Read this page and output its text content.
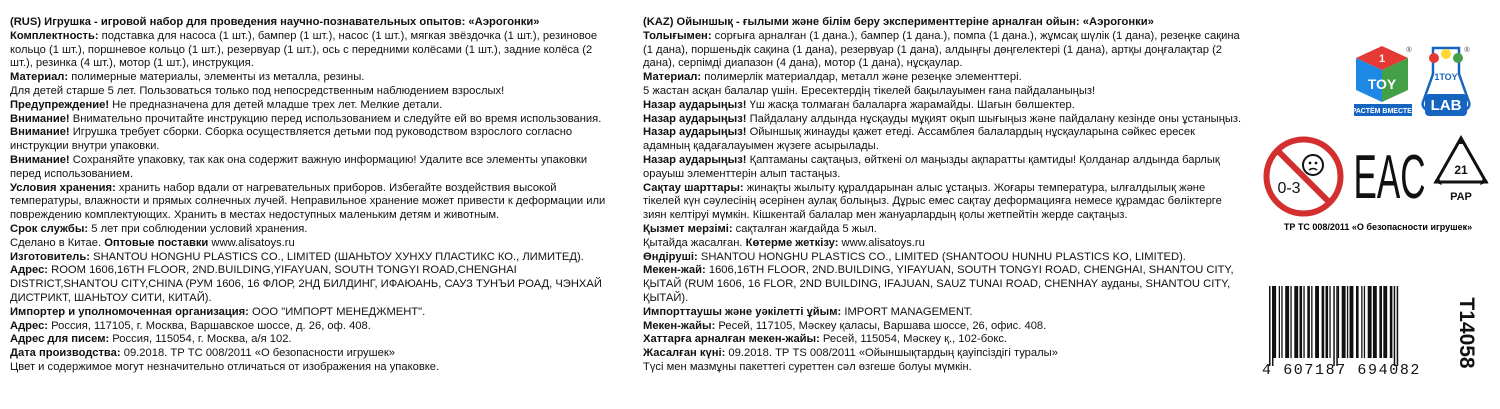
(RUS) Игрушка - игровой набор для проведения научно-познавательных опытов: «Аэрогонки»

Комплектность: подставка для насоса (1 шт.), бампер (1 шт.), насос (1 шт.), мягкая звёздочка (1 шт.), резиновое кольцо (1 шт.), поршневое кольцо (1 шт.), резервуар (1 шт.), ось с передними колёсами (1 шт.), задние колёса (2 шт.), резинка (4 шт.), мотор (1 шт.), инструкция.

Материал: полимерные материалы, элементы из металла, резины.

Для детей старше 5 лет. Пользоваться только под непосредственным наблюдением взрослых!

Предупреждение! Не предназначена для детей младше трех лет. Мелкие детали.

Внимание! Внимательно прочитайте инструкцию перед использованием и следуйте ей во время использования.

Внимание! Игрушка требует сборки. Сборка осуществляется детьми под руководством взрослого согласно инструкции внутри упаковки.

Внимание! Сохраняйте упаковку, так как она содержит важную информацию! Удалите все элементы упаковки перед использованием.

Условия хранения: хранить набор вдали от нагревательных приборов. Избегайте воздействия высокой температуры, влажности и прямых солнечных лучей. Неправильное хранение может привести к деформации или повреждению комплектующих. Хранить в местах недоступных маленьким детям и животным.

Срок службы: 5 лет при соблюдении условий хранения.

Сделано в Китае. Оптовые поставки www.alisatoys.ru

Изготовитель: SHANTOU HONGHU PLASTICS CO., LIMITED (ШАНЬТОУ ХУНХУ ПЛАСТИКС КО., ЛИМИТЕД).

Адрес: ROOM 1606,16TH FLOOR, 2ND.BUILDING,YIFAYUAN, SOUTH TONGYI ROAD,CHENGHAI DISTRICT,SHANTOU CITY,CHINA (РУМ 1606, 16 ФЛОР, 2НД БИЛДИНГ, ИФАЮАНЬ, САУЗ ТУНЪИ РОАД, ЧЭНХАЙ ДИСТРИКТ, ШАНЬТОУ СИТИ, КИТАЙ).

Импортер и уполномоченная организация: ООО "ИМПОРТ МЕНЕДЖМЕНТ".

Адрес: Россия, 117105, г. Москва, Варшавское шоссе, д. 26, оф. 408.

Адрес для писем: Россия, 115054, г. Москва, а/я 102.

Дата производства: 09.2018. ТР ТС 008/2011 «О безопасности игрушек»

Цвет и содержимое могут незначительно отличаться от изображения на упаковке.

(KAZ) Ойыншық - ғылыми және білім беру эксперименттеріне арналған ойын: «Аэрогонки»

Толығымен: сорғыға арналған (1 дана.), бампер (1 дана.), помпа (1 дана.), жұмсақ шүлік (1 дана), резеңке сақина (1 дана), поршеньдік сақина (1 дана), резервуар (1 дана), алдыңғы дөңгелектері (1 дана), артқы доңғалақтар (2 дана), серпімді диапазон (4 дана), мотор (1 дана), нұсқаулар.

Материал: полимерлік материалдар, металл және резеңке элементтері.

5 жастан асқан балалар үшін. Ересектердің тікелей бақылауымен ғана пайдаланыңыз!

Назар аударыңыз! Үш жасқа толмаған балаларға жарамайды. Шағын бөлшектер.

Назар аударыңыз! Пайдалану алдында нұсқауды мұқият оқып шығыңыз және пайдалану кезінде оны ұстаныңыз.

Назар аударыңыз! Ойыншық жинауды қажет етеді. Ассамблея балалардың нұсқауларына сәйкес ересек адамның қадағалауымен жүзеге асырылады.

Назар аударыңыз! Қаптаманы сақтаңыз, өйткені ол маңызды ақпаратты қамтиды! Қолданар алдында барлық орауыш элементтерін алып тастаңыз.

Сақтау шарттары: жинақты жылыту құралдарынан алыс ұстаңыз. Жоғары температура, ылғалдылық және тікелей күн сәулесінің әсерінен аулақ болыңыз. Дұрыс емес сақтау деформацияға немесе құрамдас бөліктерге зиян келтіруі мүмкін. Кішкентай балалар мен жануарлардың қолы жетпейтін жерде сақтаңыз.

Қызмет мерзімі: сақталған жағдайда 5 жыл.

Қытайда жасалған. Көтерме жеткізу: www.alisatoys.ru

Өндіруші: SHANTOU HONGHU PLASTICS CO., LIMITED (SHANTOOU HUNHU PLASTICS KO, LIMITED).

Мекен-жай: 1606,16TH FLOOR, 2ND.BUILDING, YIFAYUAN, SOUTH TONGYI ROAD, CHENGHAI, SHANTOU CITY, ҚЫТАЙ (RUM 1606, 16 FLOR, 2ND BUILDING, IFAJUAN, SAUZ TUNAI ROAD, CHENHAY ауданы, SHANTOU CITY, ҚЫТАЙ).

Импорттаушы және уәкілетті ұйым: IMPORT MANAGEMENT.

Мекен-жайы: Ресей, 117105, Мәскеу қаласы, Варшава шоссе, 26, офис. 408.

Хаттарға арналған мекен-жайы: Ресей, 115054, Мәскеу қ., 102-бокс.

Жасалған күні: 09.2018. ТР TS 008/2011 «Ойыншықтардың қауіпсіздігі туралы»

Түсі мен мазмұны пакеттегі суреттен сәл өзгеше болуы мүмкін.

1
TOY
РАСТЁМ ВМЕСТЕ!
®
1TOY
LAB
®
0-3 EAC 21
PAP
ТР ТС 008/2011 «О безопасности игрушек»
4 607187 694082
T14058
